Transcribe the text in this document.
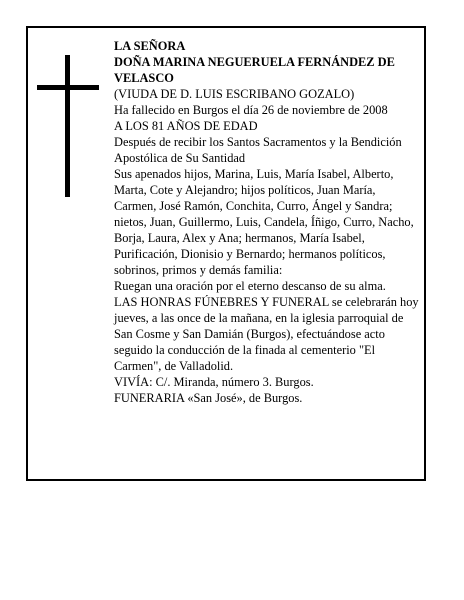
LA SEÑORA

DOÑA MARINA NEGUERUELA FERNÁNDEZ DE VELASCO

(VIUDA DE D. LUIS ESCRIBANO GOZALO)

Ha fallecido en Burgos el día 26 de noviembre de 2008

A LOS 81 AÑOS DE EDAD

Después de recibir los Santos Sacramentos y la Bendición Apostólica de Su Santidad

Sus apenados hijos, Marina, Luis, María Isabel, Alberto, Marta, Cote y Alejandro; hijos políticos, Juan María, Carmen, José Ramón, Conchita, Curro, Ángel y Sandra; nietos, Juan, Guillermo, Luis, Candela, Íñigo, Curro, Nacho, Borja, Laura, Alex y Ana; hermanos, María Isabel, Purificación, Dionisio y Bernardo; hermanos políticos, sobrinos, primos y demás familia:

Ruegan una oración por el eterno descanso de su alma.

LAS HONRAS FÚNEBRES Y FUNERAL se celebrarán hoy jueves, a las once de la mañana, en la iglesia parroquial de San Cosme y San Damián (Burgos), efectuándose acto seguido la conducción de la finada al cementerio "El Carmen", de Valladolid.

VIVÍA: C/. Miranda, número 3. Burgos.

FUNERARIA «San José», de Burgos.
